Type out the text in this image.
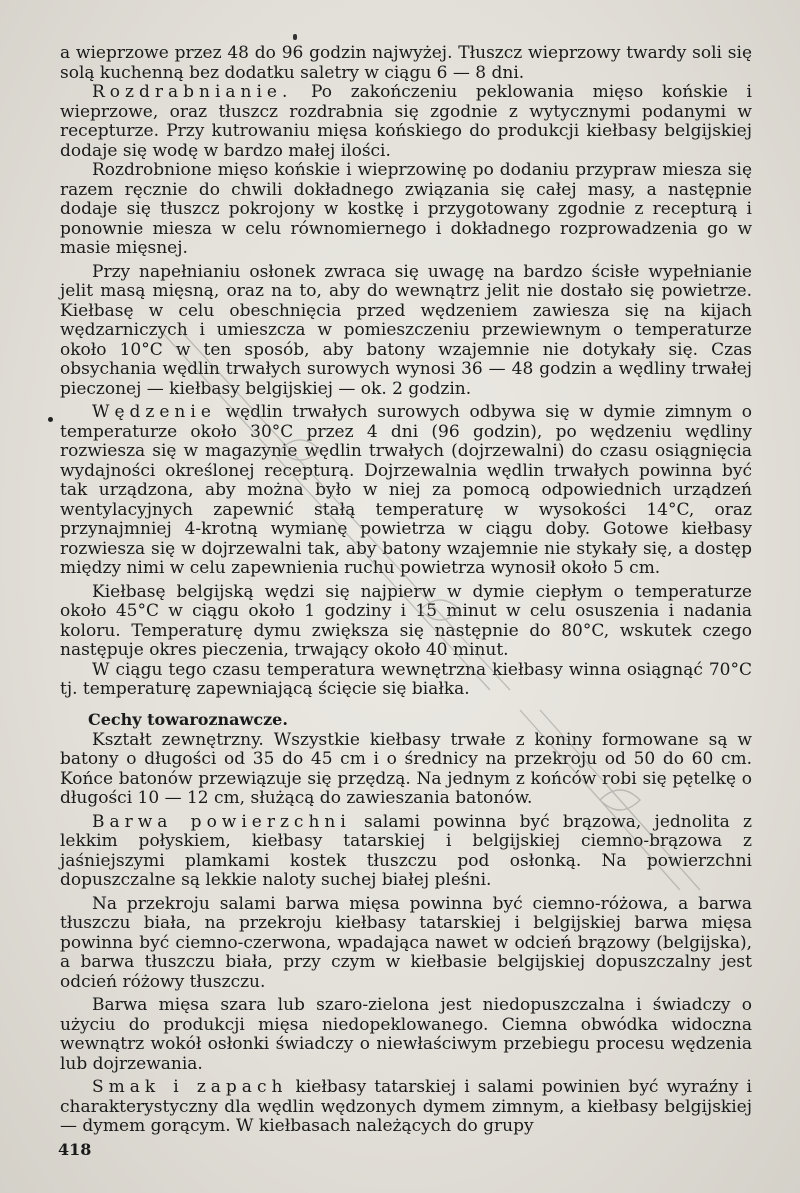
a wieprzowe przez 48 do 96 godzin najwyżej. Tłuszcz wieprzowy twardy soli się solą kuchenną bez dodatku saletry w ciągu 6 — 8 dni.

Rozdrabnianie. Po zakończeniu peklowania mięso końskie i wieprzowe, oraz tłuszcz rozdrabnia się zgodnie z wytycznymi podanymi w recepturze. Przy kutrowaniu mięsa końskiego do produkcji kiełbasy belgijskiej dodaje się wodę w bardzo małej ilości.

Rozdrobnione mięso końskie i wieprzowinę po dodaniu przypraw miesza się razem ręcznie do chwili dokładnego związania się całej masy, a następnie dodaje się tłuszcz pokrojony w kostkę i przygotowany zgodnie z recepturą i ponownie miesza w celu równomiernego i dokładnego rozprowadzenia go w masie mięsnej.

Przy napełnianiu osłonek zwraca się uwagę na bardzo ścisłe wypełnianie jelit masą mięsną, oraz na to, aby do wewnątrz jelit nie dostało się powietrze. Kiełbasę w celu obeschnięcia przed wędzeniem zawiesza się na kijach wędzarniczych i umieszcza w pomieszczeniu przewiewnym o temperaturze około 10°C w ten sposób, aby batony wzajemnie nie dotykały się. Czas obsychania wędlin trwałych surowych wynosi 36 — 48 godzin a wędliny trwałej pieczonej — kiełbasy belgijskiej — ok. 2 godzin.

Wędzenie wędlin trwałych surowych odbywa się w dymie zimnym o temperaturze około 30°C przez 4 dni (96 godzin), po wędzeniu wędliny rozwiesza się w magazynie wędlin trwałych (dojrzewalni) do czasu osiągnięcia wydajności określonej recepturą. Dojrzewalnia wędlin trwałych powinna być tak urządzona, aby można było w niej za pomocą odpowiednich urządzeń wentylacyjnych zapewnić stałą temperaturę w wysokości 14°C, oraz przynajmniej 4-krotną wymianę powietrza w ciągu doby. Gotowe kiełbasy rozwiesza się w dojrzewalni tak, aby batony wzajemnie nie stykały się, a dostęp między nimi w celu zapewnienia ruchu powietrza wynosił około 5 cm.

Kiełbasę belgijską wędzi się najpierw w dymie ciepłym o temperaturze około 45°C w ciągu około 1 godziny i 15 minut w celu osuszenia i nadania koloru. Temperaturę dymu zwiększa się następnie do 80°C, wskutek czego następuje okres pieczenia, trwający około 40 minut.

W ciągu tego czasu temperatura wewnętrzna kiełbasy winna osiągnąć 70°C tj. temperaturę zapewniającą ścięcie się białka.

Cechy towaroznawcze.

Kształt zewnętrzny. Wszystkie kiełbasy trwałe z koniny formowane są w batony o długości od 35 do 45 cm i o średnicy na przekroju od 50 do 60 cm. Końce batonów przewiązuje się przędzą. Na jednym z końców robi się pętelkę o długości 10 — 12 cm, służącą do zawieszania batonów.

Barwa powierzchni salami powinna być brązowa, jednolita z lekkim połyskiem, kiełbasy tatarskiej i belgijskiej ciemno-brązowa z jaśniejszymi plamkami kostek tłuszczu pod osłonką. Na powierzchni dopuszczalne są lekkie naloty suchej białej pleśni.

Na przekroju salami barwa mięsa powinna być ciemno-różowa, a barwa tłuszczu biała, na przekroju kiełbasy tatarskiej i belgijskiej barwa mięsa powinna być ciemno-czerwona, wpadająca nawet w odcień brązowy (belgijska), a barwa tłuszczu biała, przy czym w kiełbasie belgijskiej dopuszczalny jest odcień różowy tłuszczu.

Barwa mięsa szara lub szaro-zielona jest niedopuszczalna i świadczy o użyciu do produkcji mięsa niedopeklowanego. Ciemna obwódka widoczna wewnątrz wokół osłonki świadczy o niewłaściwym przebiegu procesu wędzenia lub dojrzewania.

Smak i zapach kiełbasy tatarskiej i salami powinien być wyraźny i charakterystyczny dla wędlin wędzonych dymem zimnym, a kiełbasy belgijskiej — dymem gorącym. W kiełbasach należących do grupy

418
